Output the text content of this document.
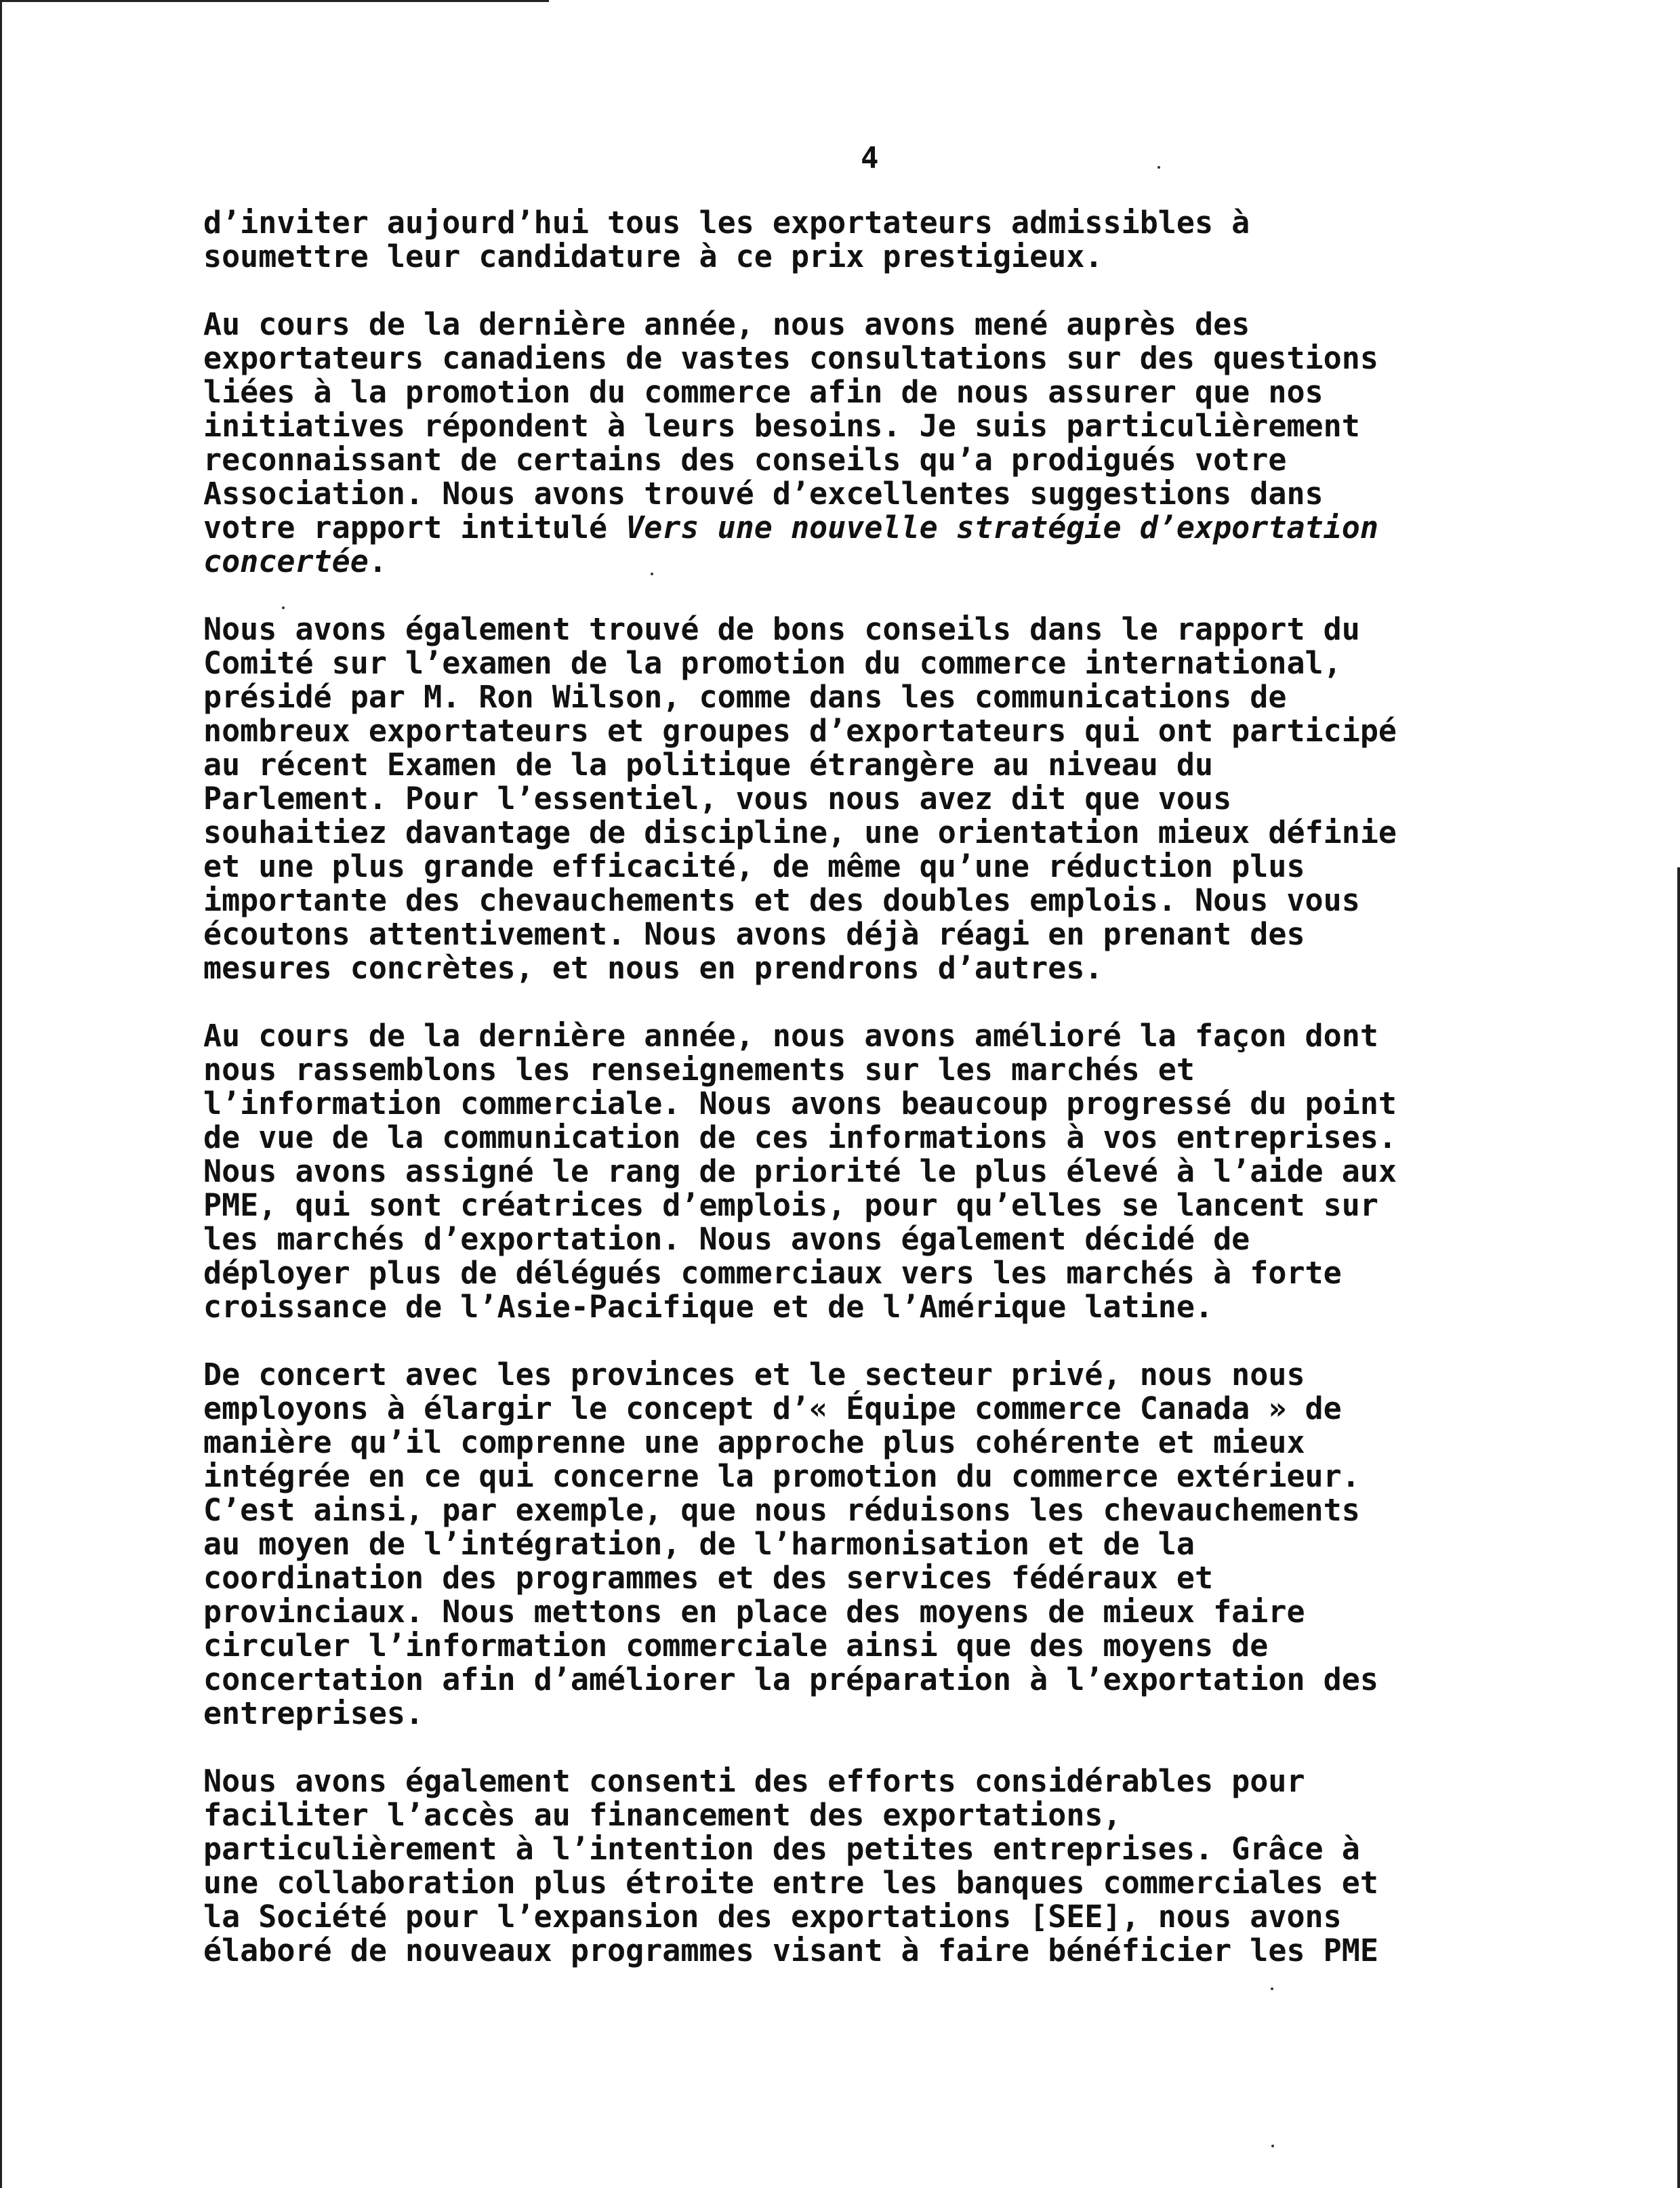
4
d’inviter aujourd’hui tous les exportateurs admissibles à
soumettre leur candidature à ce prix prestigieux.
Au cours de la dernière année, nous avons mené auprès des
exportateurs canadiens de vastes consultations sur des questions
liées à la promotion du commerce afin de nous assurer que nos
initiatives répondent à leurs besoins. Je suis particulièrement
reconnaissant de certains des conseils qu’a prodigués votre
Association. Nous avons trouvé d’excellentes suggestions dans
votre rapport intitulé Vers une nouvelle stratégie d’exportation
concertée.
Nous avons également trouvé de bons conseils dans le rapport du
Comité sur l’examen de la promotion du commerce international,
présidé par M. Ron Wilson, comme dans les communications de
nombreux exportateurs et groupes d’exportateurs qui ont participé
au récent Examen de la politique étrangère au niveau du
Parlement. Pour l’essentiel, vous nous avez dit que vous
souhaitiez davantage de discipline, une orientation mieux définie
et une plus grande efficacité, de même qu’une réduction plus
importante des chevauchements et des doubles emplois. Nous vous
écoutons attentivement. Nous avons déjà réagi en prenant des
mesures concrètes, et nous en prendrons d’autres.
Au cours de la dernière année, nous avons amélioré la façon dont
nous rassemblons les renseignements sur les marchés et
l’information commerciale. Nous avons beaucoup progressé du point
de vue de la communication de ces informations à vos entreprises.
Nous avons assigné le rang de priorité le plus élevé à l’aide aux
PME, qui sont créatrices d’emplois, pour qu’elles se lancent sur
les marchés d’exportation. Nous avons également décidé de
déployer plus de délégués commerciaux vers les marchés à forte
croissance de l’Asie-Pacifique et de l’Amérique latine.
De concert avec les provinces et le secteur privé, nous nous
employons à élargir le concept d’« Équipe commerce Canada » de
manière qu’il comprenne une approche plus cohérente et mieux
intégrée en ce qui concerne la promotion du commerce extérieur.
C’est ainsi, par exemple, que nous réduisons les chevauchements
au moyen de l’intégration, de l’harmonisation et de la
coordination des programmes et des services fédéraux et
provinciaux. Nous mettons en place des moyens de mieux faire
circuler l’information commerciale ainsi que des moyens de
concertation afin d’améliorer la préparation à l’exportation des
entreprises.
Nous avons également consenti des efforts considérables pour
faciliter l’accès au financement des exportations,
particulièrement à l’intention des petites entreprises. Grâce à
une collaboration plus étroite entre les banques commerciales et
la Société pour l’expansion des exportations [SEE], nous avons
élaboré de nouveaux programmes visant à faire bénéficier les PME
